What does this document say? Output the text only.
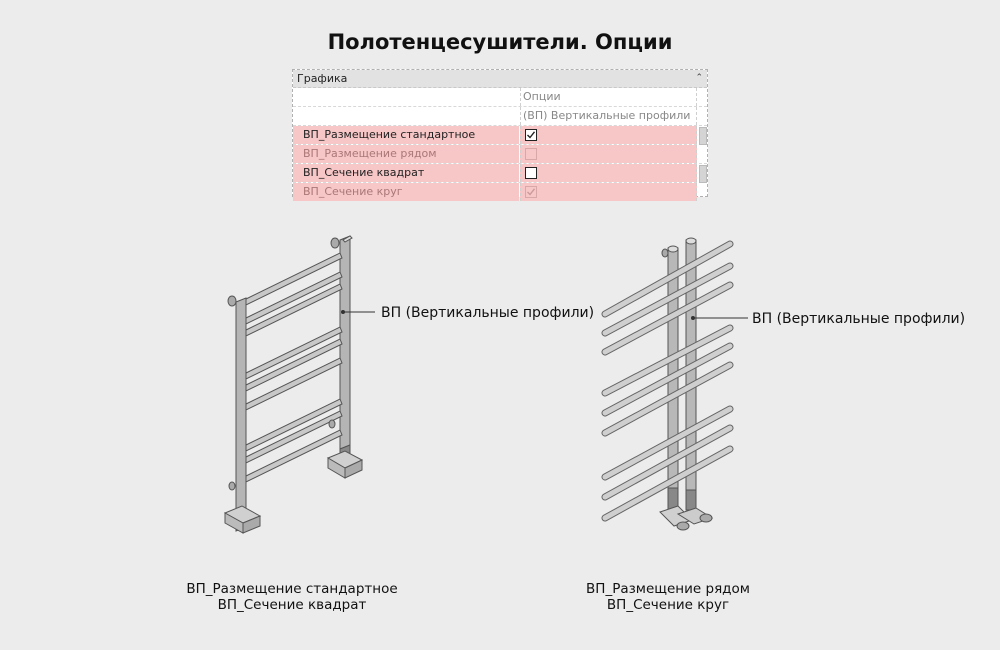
Полотенцесушители. Опции
Графика	⌃
Опции
(ВП) Вертикальные профили
ВП_Размещение стандартное
ВП_Размещение рядом
ВП_Сечение квадрат
ВП_Сечение круг
ВП (Вертикальные профили)	ВП (Вертикальные профили)
ВП_Размещение стандартное
ВП_Сечение квадрат
ВП_Размещение рядом
ВП_Сечение круг
